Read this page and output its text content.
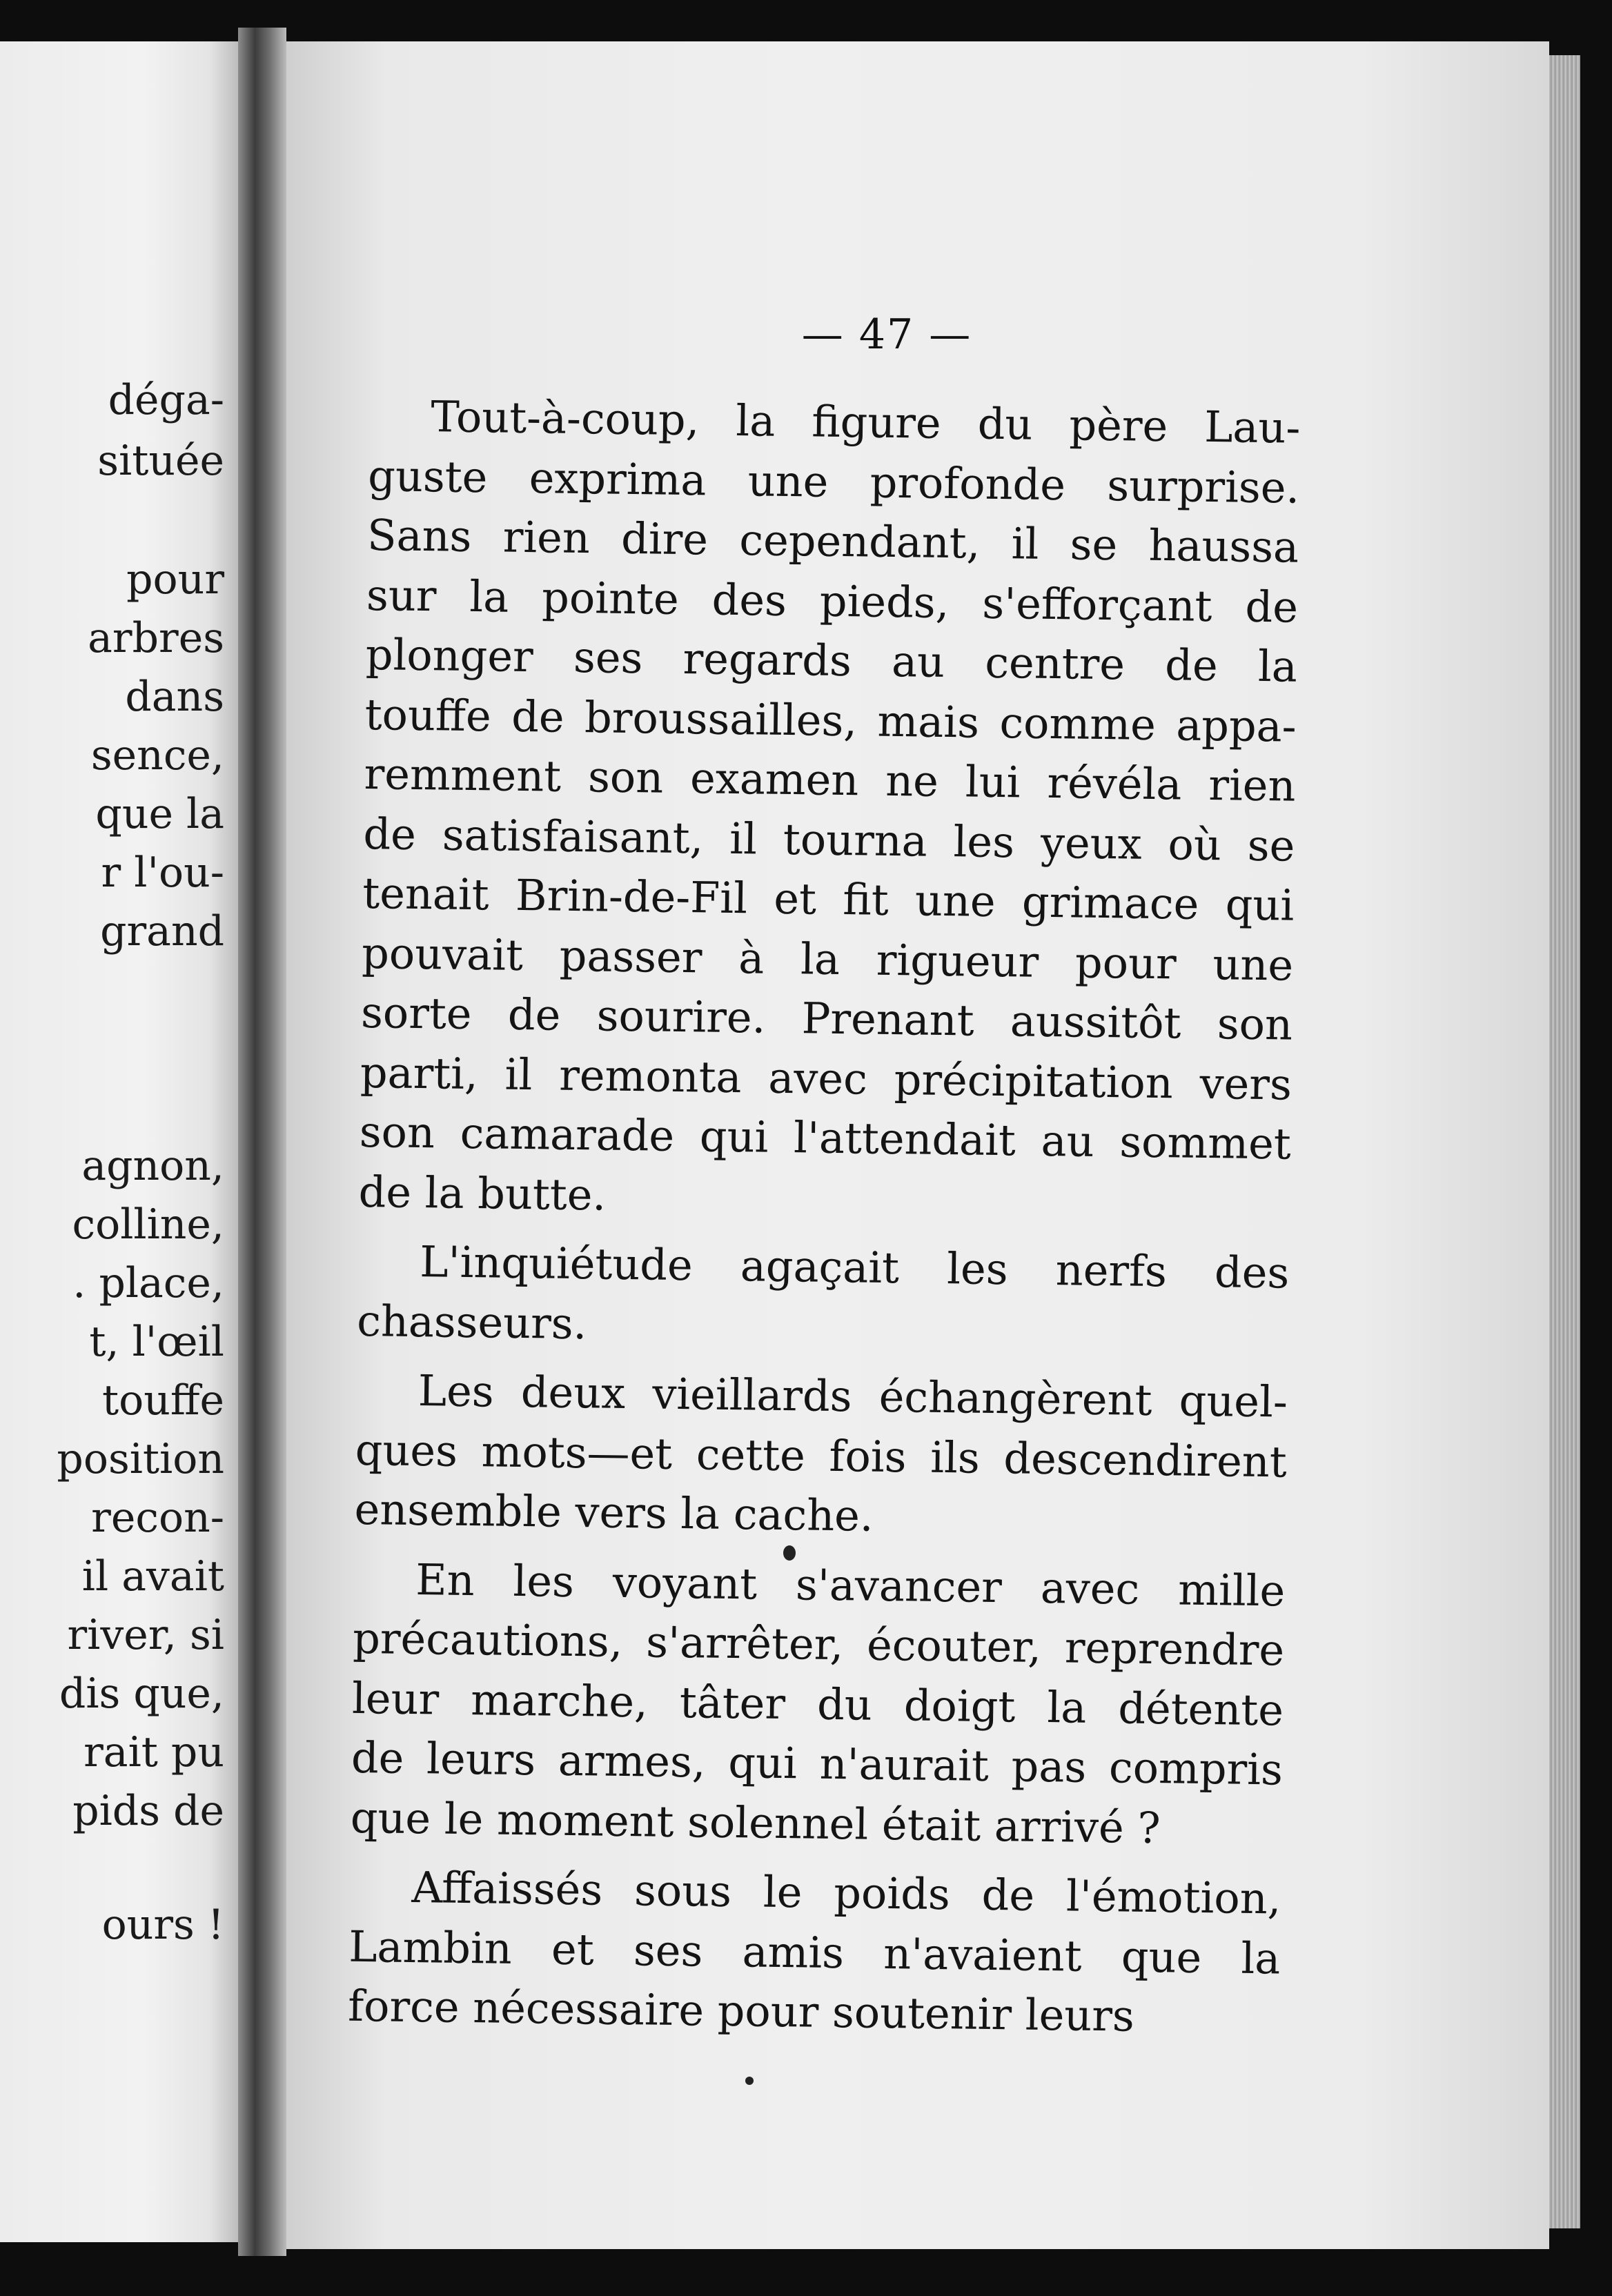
déga-
située
pour
arbres
dans
sence,
que la
r l'ou-
grand
agnon,
colline,
. place,
t, l'œil
touffe
position
recon-
il avait
river, si
dis que,
rait pu
pids de
ours !
— 47 —
Tout-à-coup, la figure du père Lau-
guste exprima une profonde surprise.
Sans rien dire cependant, il se haussa
sur la pointe des pieds, s'efforçant de
plonger ses regards au centre de la
touffe de broussailles, mais comme appa-
remment son examen ne lui révéla rien
de satisfaisant, il tourna les yeux où se
tenait Brin-de-Fil et fit une grimace qui
pouvait passer à la rigueur pour une
sorte de sourire. Prenant aussitôt son
parti, il remonta avec précipitation vers
son camarade qui l'attendait au sommet
de la butte.
L'inquiétude agaçait les nerfs des
chasseurs.
Les deux vieillards échangèrent quel-
ques mots—et cette fois ils descendirent
ensemble vers la cache.
En les voyant s'avancer avec mille
précautions, s'arrêter, écouter, reprendre
leur marche, tâter du doigt la détente
de leurs armes, qui n'aurait pas compris
que le moment solennel était arrivé ?
Affaissés sous le poids de l'émotion,
Lambin et ses amis n'avaient que la
force nécessaire pour soutenir leurs
